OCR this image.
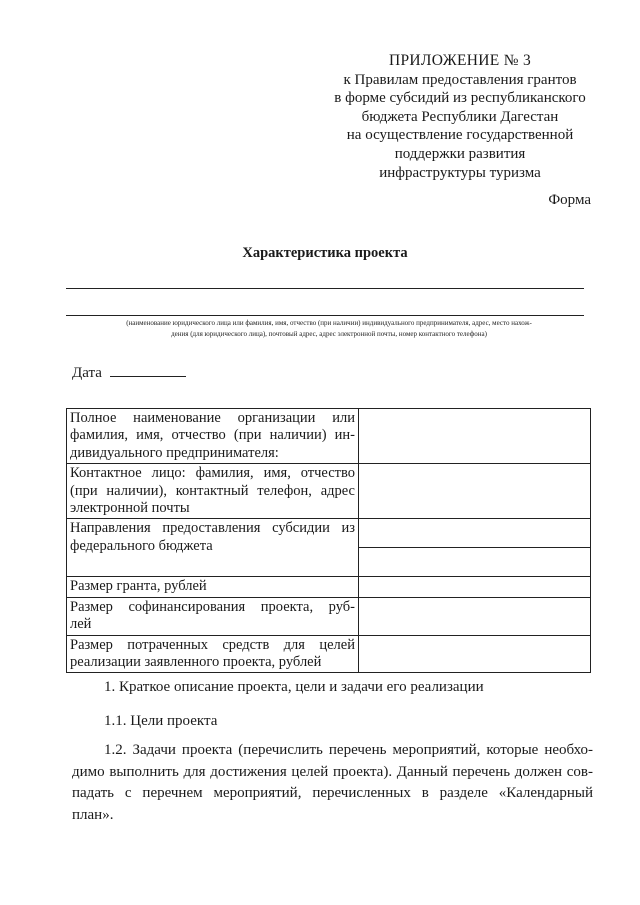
ПРИЛОЖЕНИЕ № 3
к Правилам предоставления грантов
в форме субсидий из республиканского
бюджета Республики Дагестан
на осуществление государственной
поддержки развития
инфраструктуры туризма
Форма
Характеристика проекта
(наименование юридического лица или фамилия, имя, отчество (при наличии) индивидуального предпринимателя, адрес, место нахож-
дения (для юридического лица), почтовый адрес, адрес электронной почты, номер контактного телефона)
Дата
Полное наименование организации или
фамилия, имя, отчество (при наличии) ин-
дивидуального предпринимателя:	

Контактное лицо: фамилия, имя, отчество
(при наличии), контактный телефон, адрес
электронной почты	

Направления предоставления субсидии из
федерального бюджета	

Размер гранта, рублей	

Размер софинансирования проекта, руб-
лей	

Размер потраченных средств для целей
реализации заявленного проекта, рублей	

1. Краткое описание проекта, цели и задачи его реализации
1.1. Цели проекта
1.2. Задачи проекта (перечислить перечень мероприятий, которые необхо-
димо выполнить для достижения целей проекта). Данный перечень должен сов-
падать с перечнем мероприятий, перечисленных в разделе «Календарный
план».
